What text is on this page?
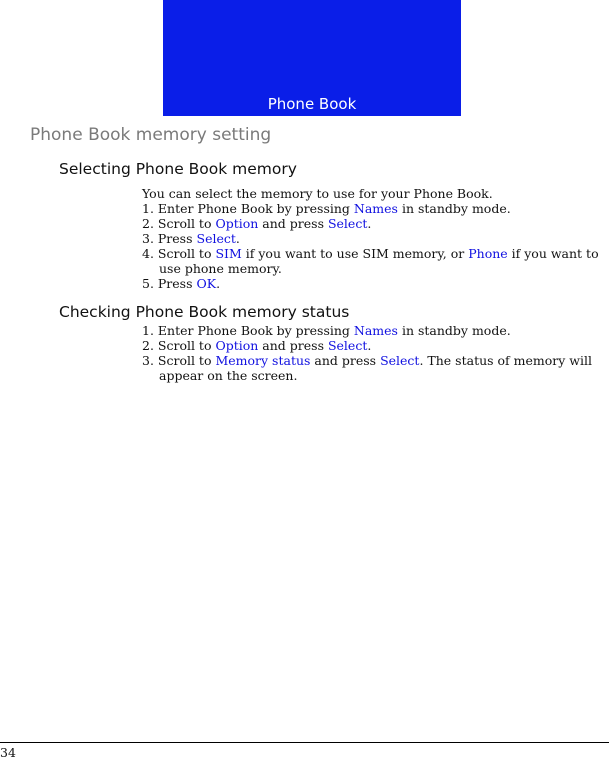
Phone Book
Phone Book memory setting
Selecting Phone Book memory
You can select the memory to use for your Phone Book.
1. Enter Phone Book by pressing Names in standby mode.
2. Scroll to Option and press Select.
3. Press Select.
4. Scroll to SIM if you want to use SIM memory, or Phone if you want to use phone memory.
5. Press OK.
Checking Phone Book memory status
1. Enter Phone Book by pressing Names in standby mode.
2. Scroll to Option and press Select.
3. Scroll to Memory status and press Select. The status of memory will appear on the screen.
34
